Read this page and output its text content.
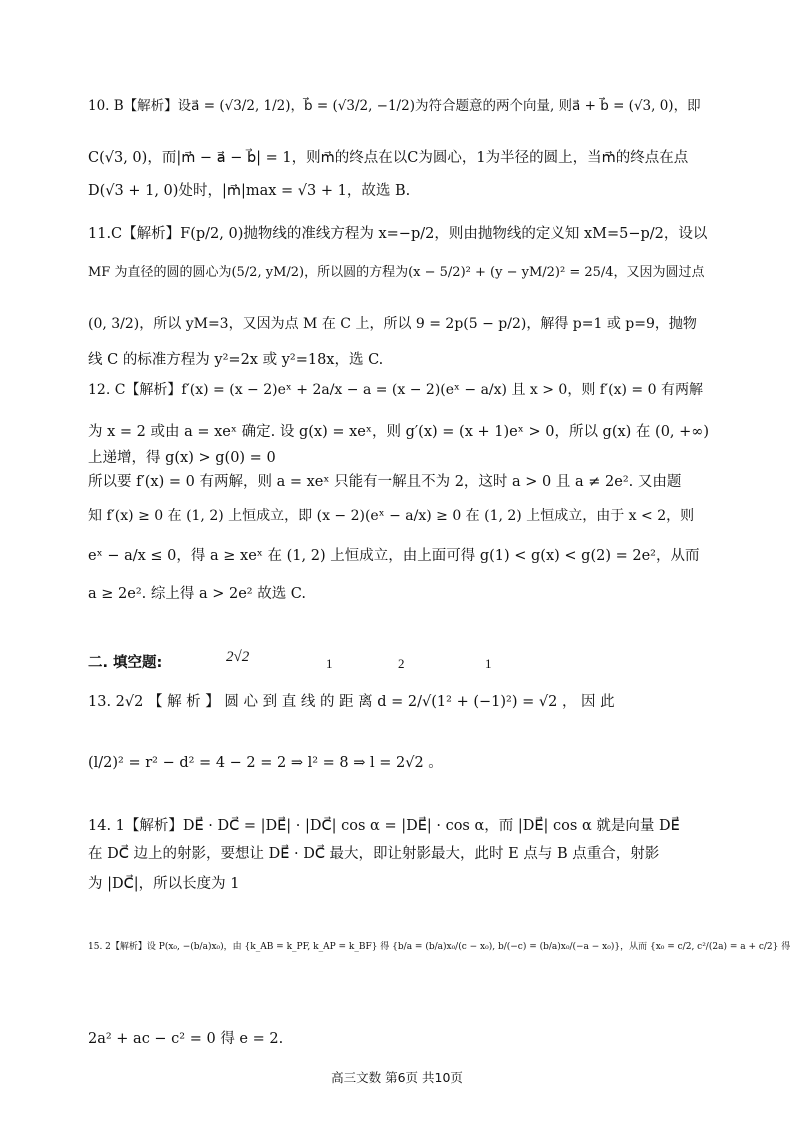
10. B【解析】设a⃗ = (√3/2, 1/2)，b⃗ = (√3/2, −1/2)为符合题意的两个向量, 则a⃗ + b⃗ = (√3, 0)，即
C(√3, 0)，而|m⃗ − a⃗ − b⃗| = 1，则m⃗的终点在以C为圆心，1为半径的圆上，当m⃗的终点在点
D(√3 + 1, 0)处时，|m⃗|max = √3 + 1，故选 B.
11.C【解析】F(p/2, 0)抛物线的准线方程为 x=−p/2，则由抛物线的定义知 xM=5−p/2，设以
MF 为直径的圆的圆心为(5/2, yM/2)，所以圆的方程为(x − 5/2)² + (y − yM/2)² = 25/4，又因为圆过点
(0, 3/2)，所以 yM=3，又因为点 M 在 C 上，所以 9 = 2p(5 − p/2)，解得 p=1 或 p=9，抛物
线 C 的标准方程为 y²=2x 或 y²=18x，选 C.
12. C【解析】f′(x) = (x − 2)eˣ + 2a/x − a = (x − 2)(eˣ − a/x) 且 x > 0，则 f′(x) = 0 有两解
为 x = 2 或由 a = xeˣ 确定. 设 g(x) = xeˣ，则 g′(x) = (x + 1)eˣ > 0，所以 g(x) 在 (0, +∞)
上递增，得 g(x) > g(0) = 0
所以要 f′(x) = 0 有两解，则 a = xeˣ 只能有一解且不为 2，这时 a > 0 且 a ≠ 2e². 又由题
知 f′(x) ≥ 0 在 (1, 2) 上恒成立，即 (x − 2)(eˣ − a/x) ≥ 0 在 (1, 2) 上恒成立，由于 x < 2，则
eˣ − a/x ≤ 0，得 a ≥ xeˣ 在 (1, 2) 上恒成立，由上面可得 g(1) < g(x) < g(2) = 2e²，从而
a ≥ 2e². 综上得 a > 2e² 故选 C.
二. 填空题:	2√2	1	2	1
13. 2√2 【 解 析 】 圆 心 到 直 线 的 距 离 d = 2/√(1² + (−1)²) = √2 ， 因 此
(l/2)² = r² − d² = 4 − 2 = 2 ⇒ l² = 8 ⇒ l = 2√2 。
14. 1【解析】DE⃗ · DC⃗ = |DE⃗| · |DC⃗| cos α = |DE⃗| · cos α，而 |DE⃗| cos α 就是向量 DE⃗
在 DC⃗ 边上的射影，要想让 DE⃗ · DC⃗ 最大，即让射影最大，此时 E 点与 B 点重合，射影
为 |DC⃗|，所以长度为 1
15. 2【解析】设 P(x₀, −(b/a)x₀)，由 {k_AB = k_PF, k_AP = k_BF} 得 {b/a = (b/a)x₀/(c − x₀), b/(−c) = (b/a)x₀/(−a − x₀)}，从而 {x₀ = c/2, c²/(2a) = a + c/2} 得
2a² + ac − c² = 0 得 e = 2.
高三文数 第6页 共10页
